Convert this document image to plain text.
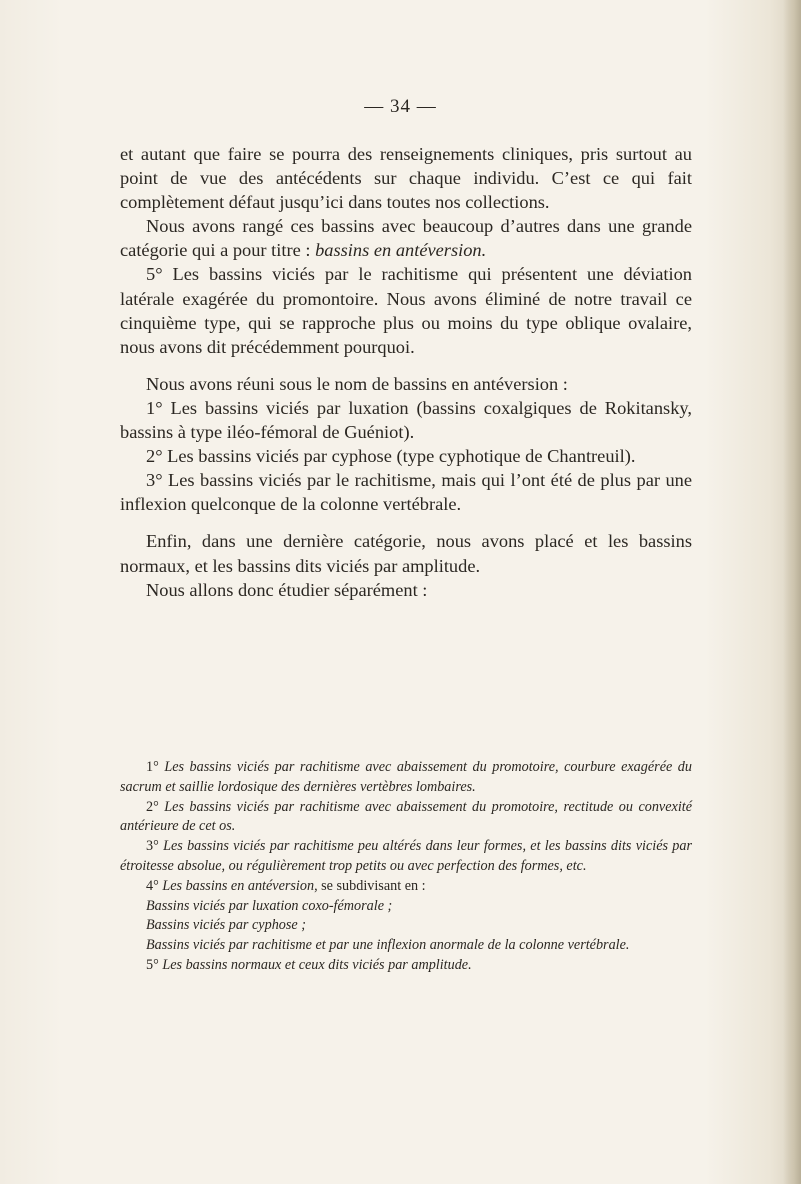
— 34 —

et autant que faire se pourra des renseignements cliniques, pris surtout au point de vue des antécédents sur chaque individu. C’est ce qui fait complètement défaut jusqu’ici dans toutes nos collections.

Nous avons rangé ces bassins avec beaucoup d’autres dans une grande catégorie qui a pour titre : bassins en antéversion.

5° Les bassins viciés par le rachitisme qui présentent une déviation latérale exagérée du promontoire. Nous avons éliminé de notre travail ce cinquième type, qui se rapproche plus ou moins du type oblique ovalaire, nous avons dit précédemment pourquoi.

Nous avons réuni sous le nom de bassins en antéversion :

1° Les bassins viciés par luxation (bassins coxalgiques de Rokitansky, bassins à type iléo-fémoral de Guéniot).

2° Les bassins viciés par cyphose (type cyphotique de Chantreuil).

3° Les bassins viciés par le rachitisme, mais qui l’ont été de plus par une inflexion quelconque de la colonne vertébrale.

Enfin, dans une dernière catégorie, nous avons placé et les bassins normaux, et les bassins dits viciés par amplitude.

Nous allons donc étudier séparément :

1° Les bassins viciés par rachitisme avec abaissement du promotoire, courbure exagérée du sacrum et saillie lordosique des dernières vertèbres lombaires.

2° Les bassins viciés par rachitisme avec abaissement du promotoire, rectitude ou convexité antérieure de cet os.

3° Les bassins viciés par rachitisme peu altérés dans leur formes, et les bassins dits viciés par étroitesse absolue, ou régulièrement trop petits ou avec perfection des formes, etc.

4° Les bassins en antéversion, se subdivisant en :

Bassins viciés par luxation coxo-fémorale ;

Bassins viciés par cyphose ;

Bassins viciés par rachitisme et par une inflexion anormale de la colonne vertébrale.

5° Les bassins normaux et ceux dits viciés par amplitude.
